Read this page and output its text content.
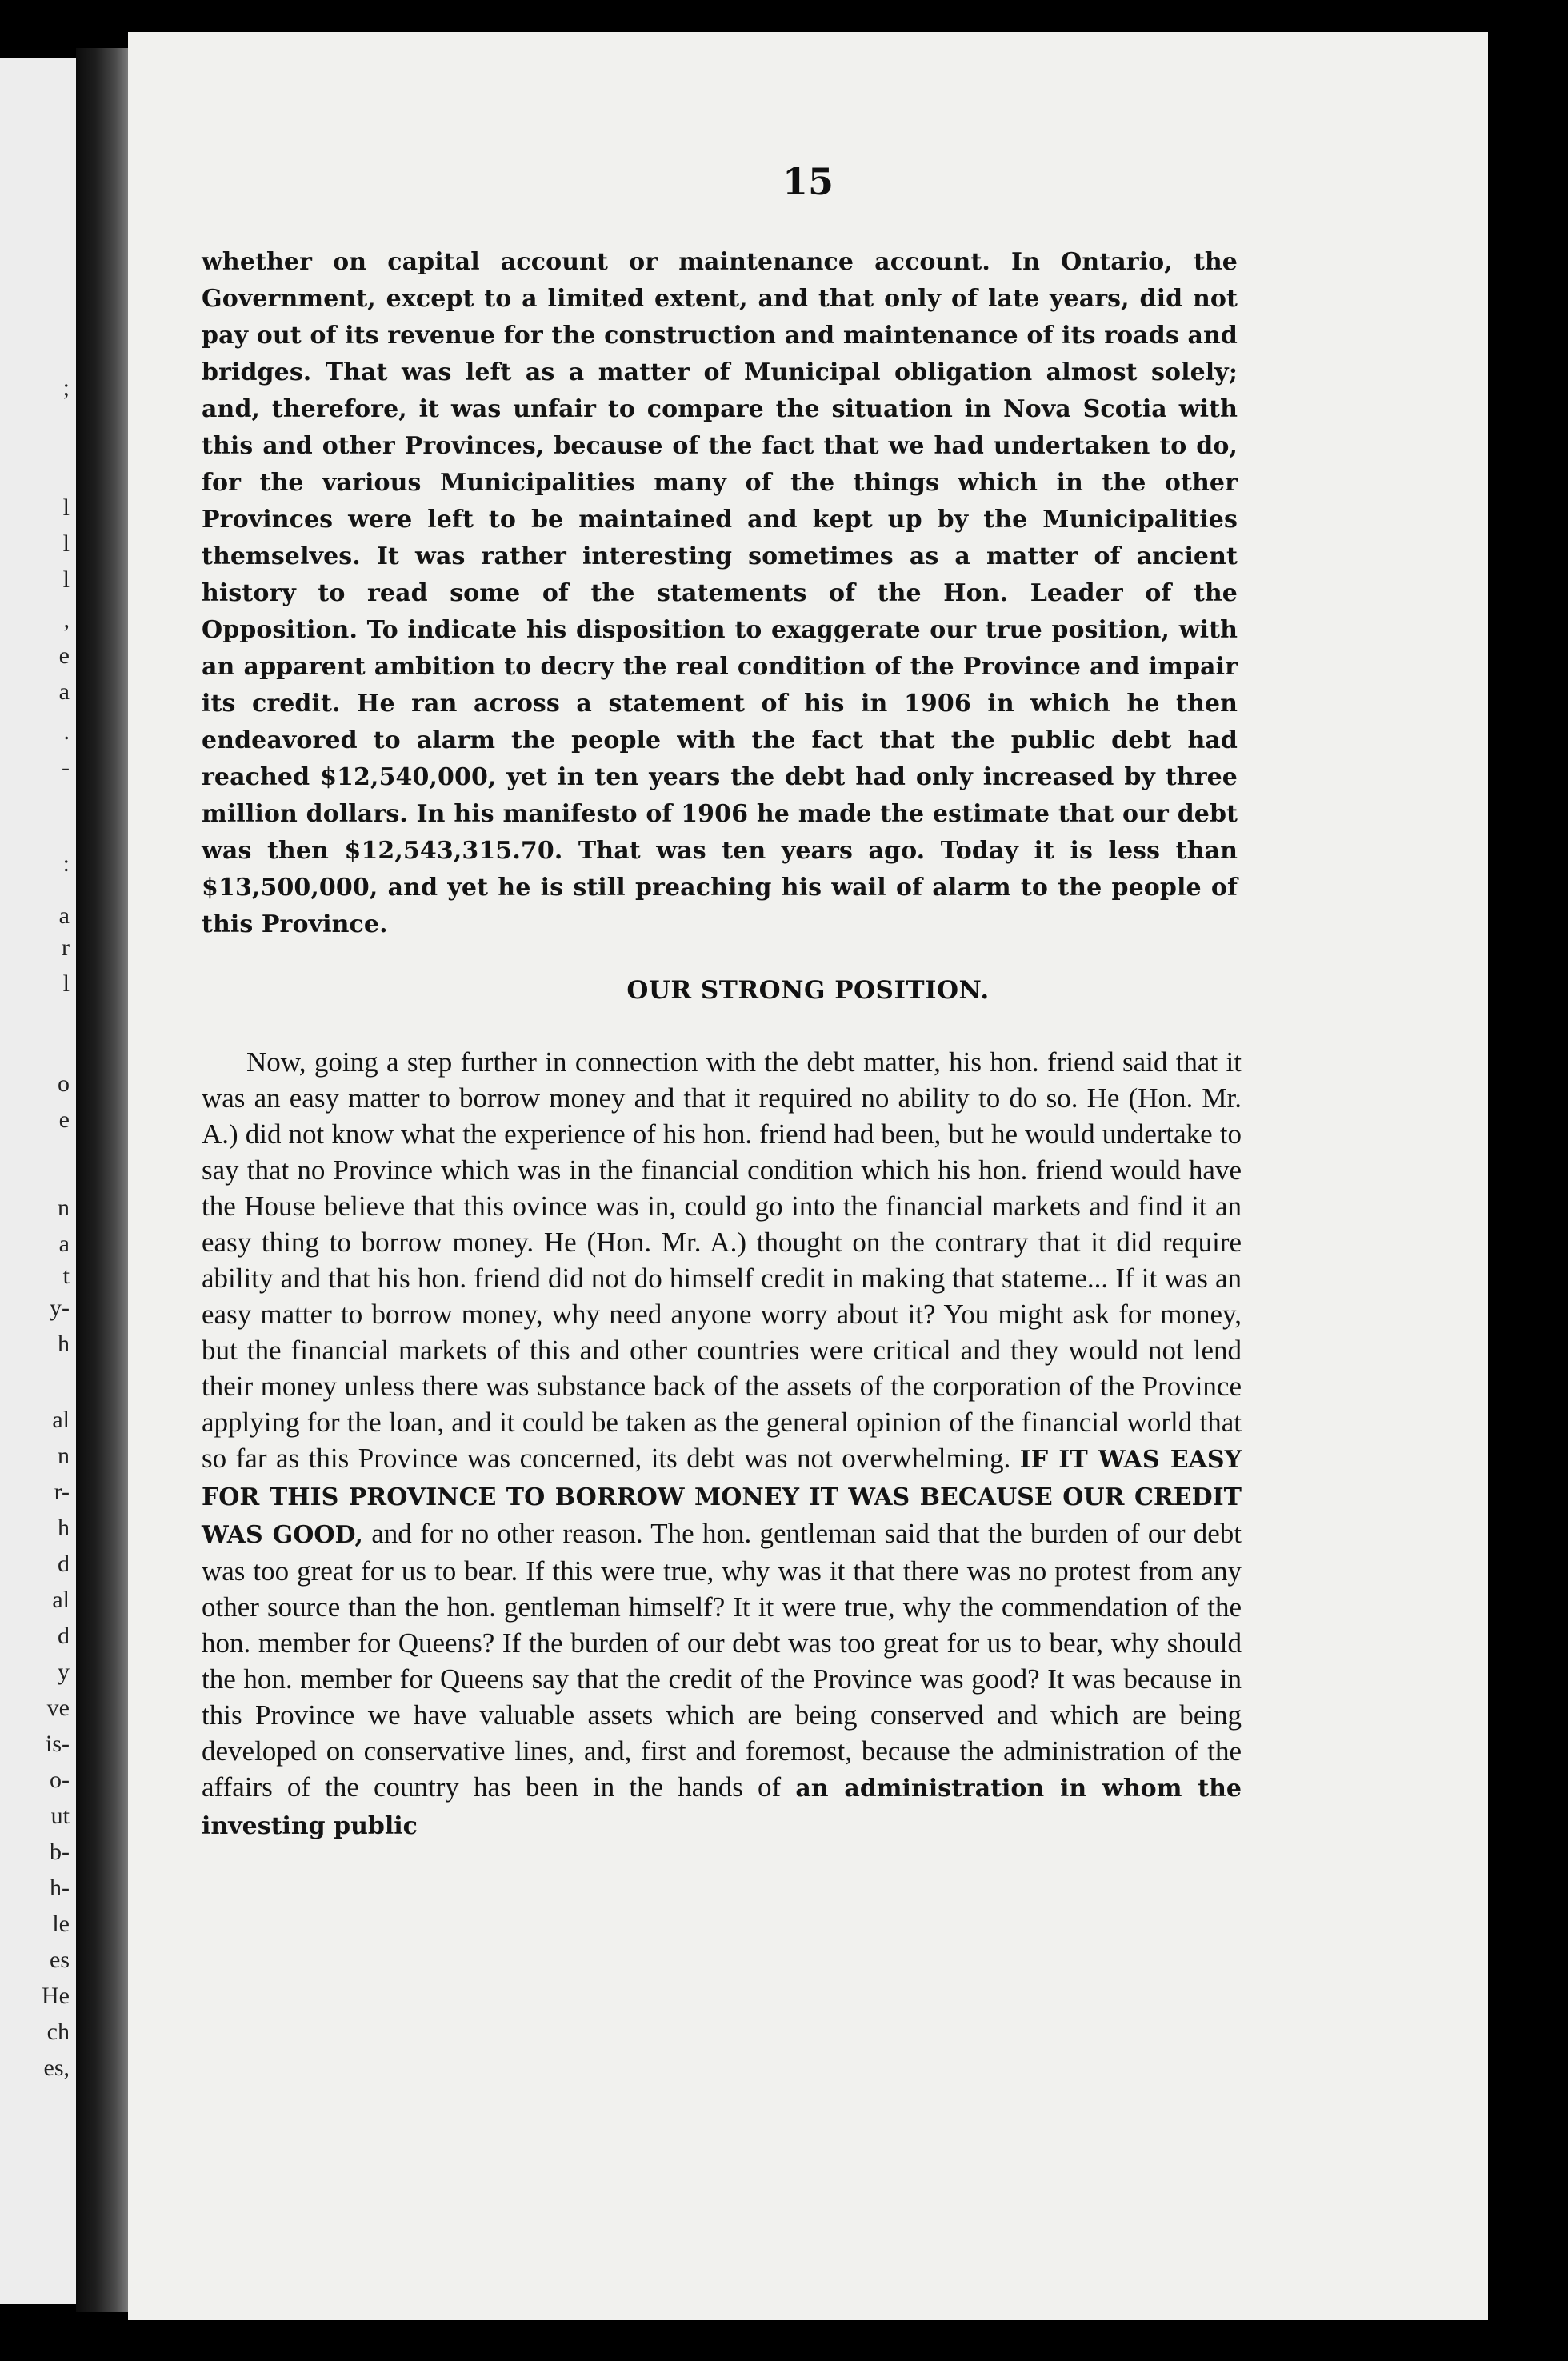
;
l
l
l
,
e
a
.
-
:
a
r
l
o
e
n
a
t
y-
h
al
n
r-
h
d
al
d
y
ve
is-
o-
ut
b-
h-
le
es
He
ch
es,
15
whether on capital account or maintenance account. In Ontario, the Government, except to a limited extent, and that only of late years, did not pay out of its revenue for the construction and maintenance of its roads and bridges. That was left as a matter of Municipal obligation almost solely; and, therefore, it was unfair to compare the situation in Nova Scotia with this and other Provinces, because of the fact that we had undertaken to do, for the various Municipalities many of the things which in the other Provinces were left to be maintained and kept up by the Municipalities themselves. It was rather interesting sometimes as a matter of ancient history to read some of the statements of the Hon. Leader of the Opposition. To indicate his disposition to exaggerate our true position, with an apparent ambition to decry the real condition of the Province and impair its credit. He ran across a statement of his in 1906 in which he then endeavored to alarm the people with the fact that the public debt had reached $12,540,000, yet in ten years the debt had only increased by three million dollars. In his manifesto of 1906 he made the estimate that our debt was then $12,543,315.70. That was ten years ago. Today it is less than $13,500,000, and yet he is still preaching his wail of alarm to the people of this Province.
OUR STRONG POSITION.
Now, going a step further in connection with the debt matter, his hon. friend said that it was an easy matter to borrow money and that it required no ability to do so. He (Hon. Mr. A.) did not know what the experience of his hon. friend had been, but he would undertake to say that no Province which was in the financial condition which his hon. friend would have the House believe that this ovince was in, could go into the financial markets and find it an easy thing to borrow money. He (Hon. Mr. A.) thought on the contrary that it did require ability and that his hon. friend did not do himself credit in making that stateme... If it was an easy matter to borrow money, why need anyone worry about it? You might ask for money, but the financial markets of this and other countries were critical and they would not lend their money unless there was substance back of the assets of the corporation of the Province applying for the loan, and it could be taken as the general opinion of the financial world that so far as this Province was concerned, its debt was not overwhelming. IF IT WAS EASY FOR THIS PROVINCE TO BORROW MONEY IT WAS BECAUSE OUR CREDIT WAS GOOD, and for no other reason. The hon. gentleman said that the burden of our debt was too great for us to bear. If this were true, why was it that there was no protest from any other source than the hon. gentleman himself? It it were true, why the commendation of the hon. member for Queens? If the burden of our debt was too great for us to bear, why should the hon. member for Queens say that the credit of the Province was good? It was because in this Province we have valuable assets which are being conserved and which are being developed on conservative lines, and, first and foremost, because the administration of the affairs of the country has been in the hands of an administration in whom the investing public
